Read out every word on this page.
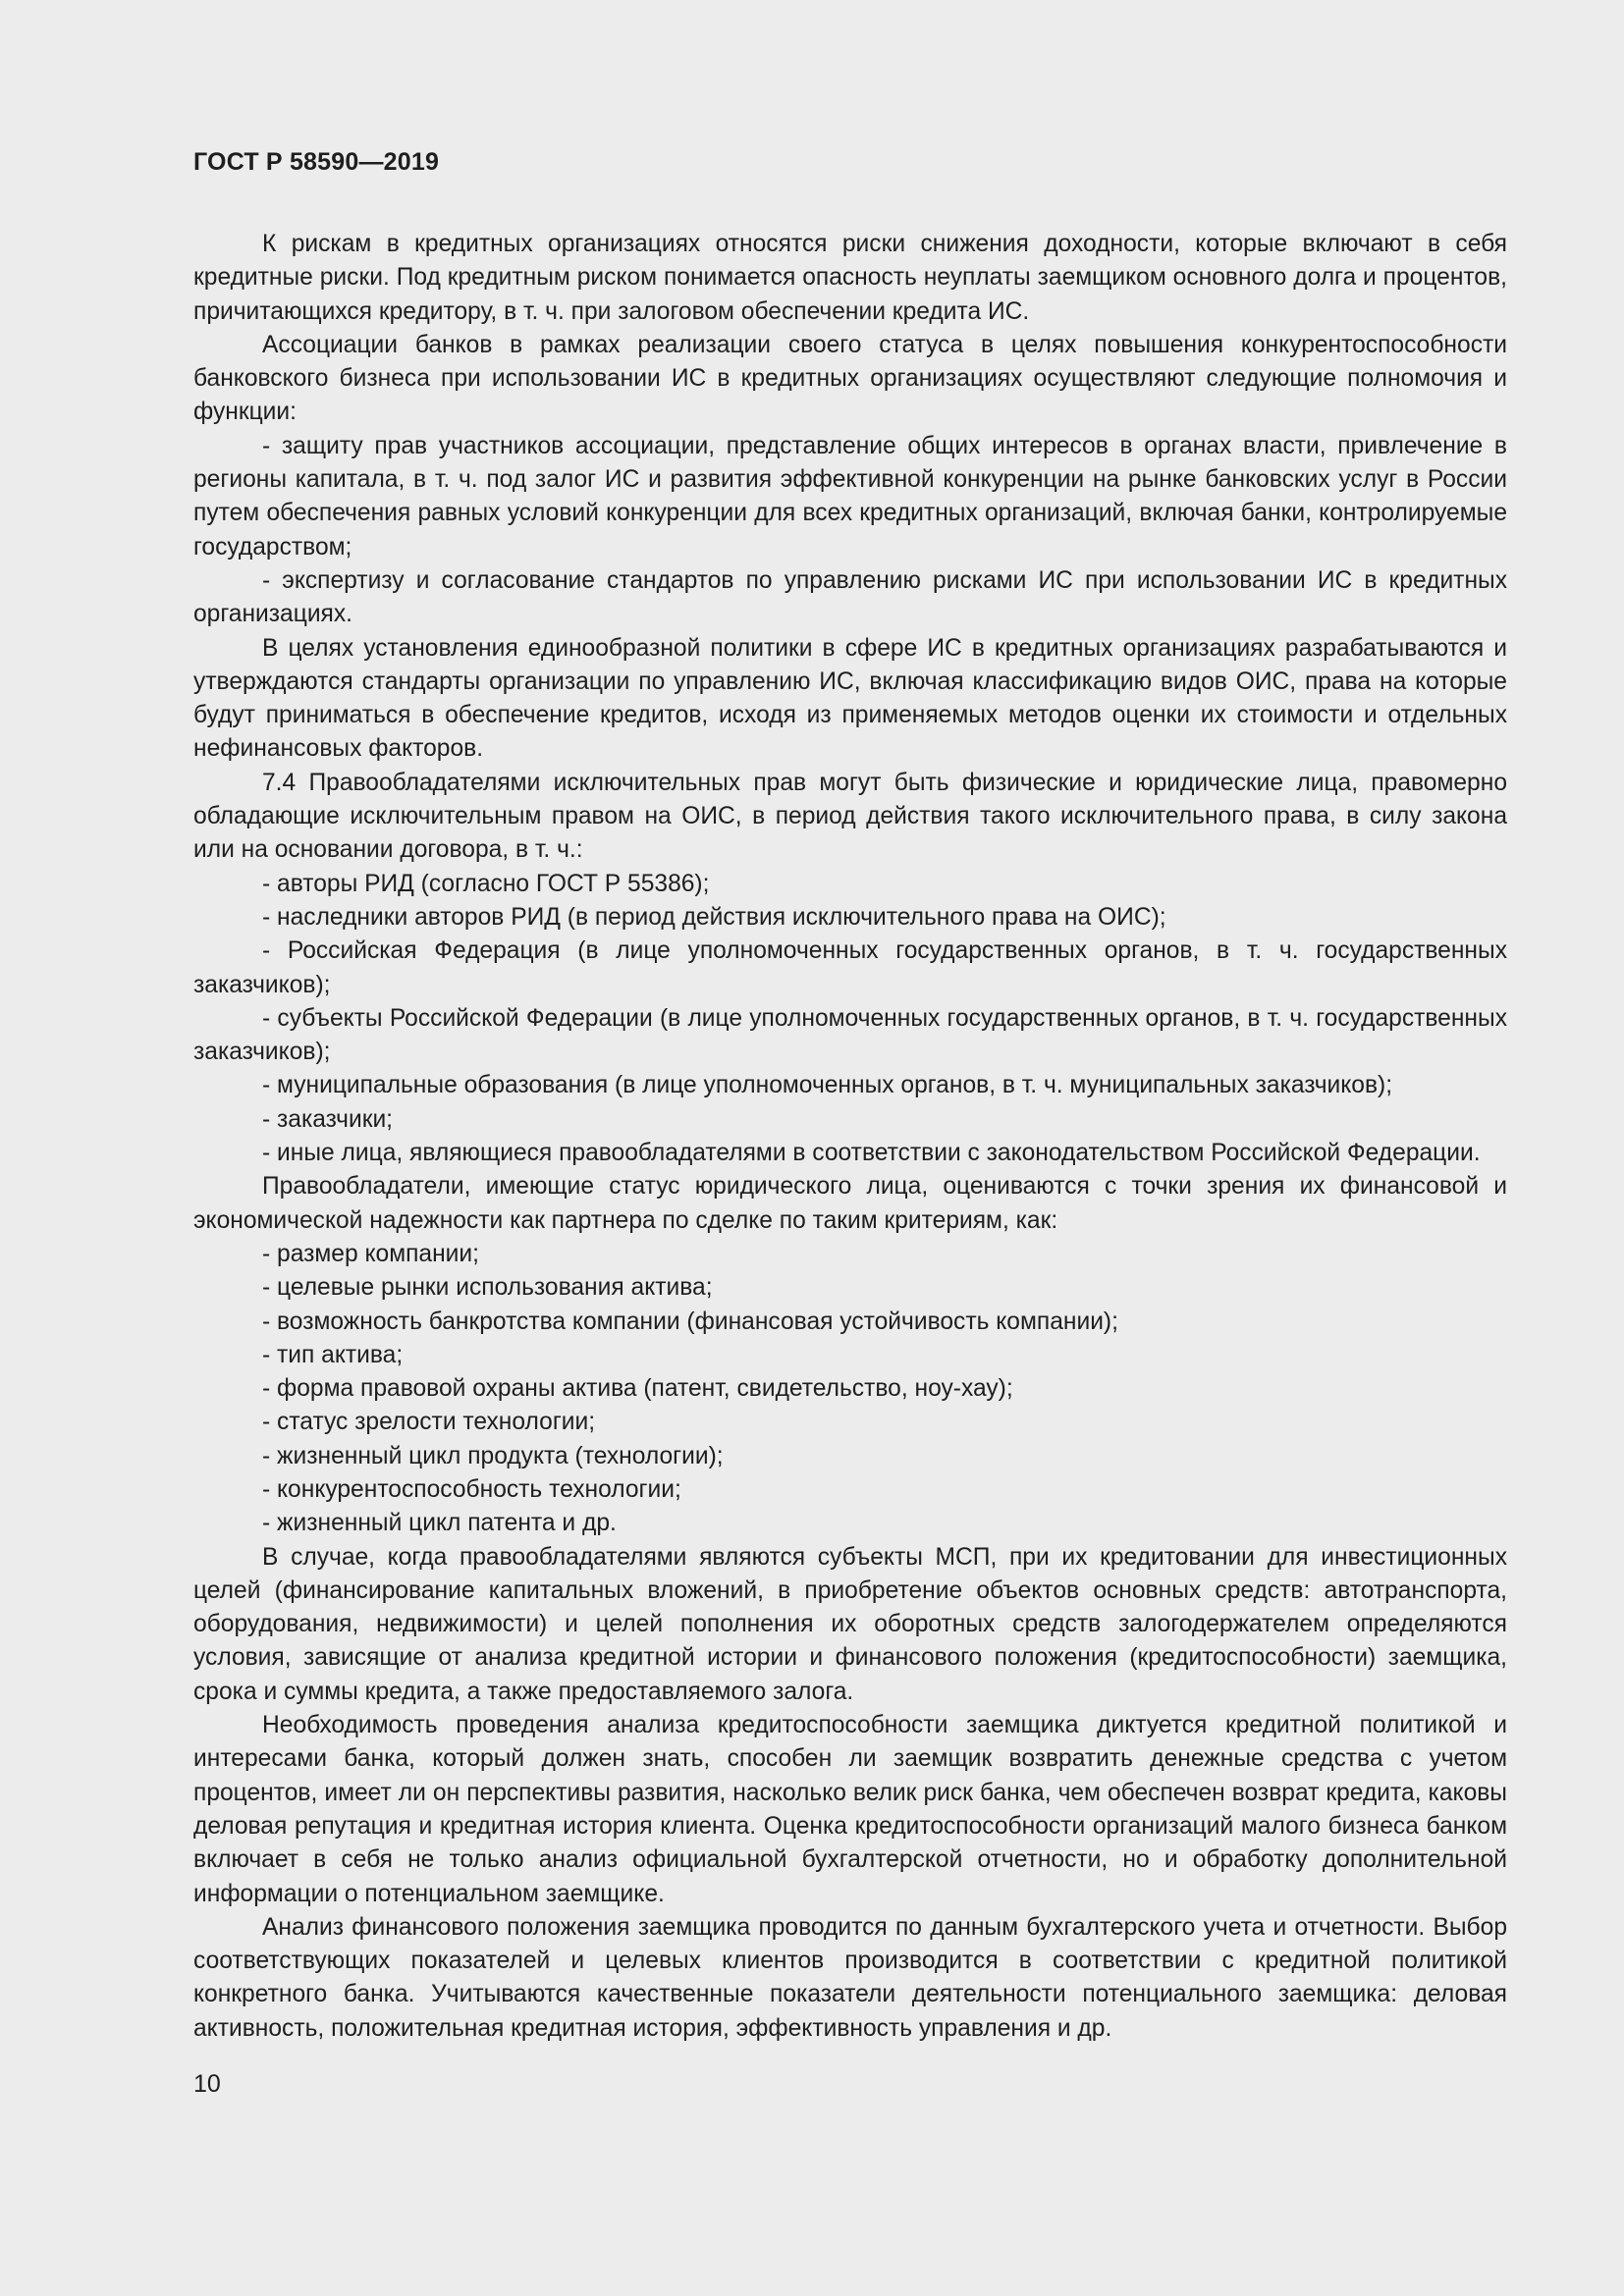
ГОСТ Р 58590—2019

К рискам в кредитных организациях относятся риски снижения доходности, которые включают в себя кредитные риски. Под кредитным риском понимается опасность неуплаты заемщиком основного долга и процентов, причитающихся кредитору, в т. ч. при залоговом обеспечении кредита ИС.

Ассоциации банков в рамках реализации своего статуса в целях повышения конкурентоспособности банковского бизнеса при использовании ИС в кредитных организациях осуществляют следующие полномочия и функции:

- защиту прав участников ассоциации, представление общих интересов в органах власти, привлечение в регионы капитала, в т. ч. под залог ИС и развития эффективной конкуренции на рынке банковских услуг в России путем обеспечения равных условий конкуренции для всех кредитных организаций, включая банки, контролируемые государством;

- экспертизу и согласование стандартов по управлению рисками ИС при использовании ИС в кредитных организациях.

В целях установления единообразной политики в сфере ИС в кредитных организациях разрабатываются и утверждаются стандарты организации по управлению ИС, включая классификацию видов ОИС, права на которые будут приниматься в обеспечение кредитов, исходя из применяемых методов оценки их стоимости и отдельных нефинансовых факторов.

7.4 Правообладателями исключительных прав могут быть физические и юридические лица, правомерно обладающие исключительным правом на ОИС, в период действия такого исключительного права, в силу закона или на основании договора, в т. ч.:

- авторы РИД (согласно ГОСТ Р 55386);

- наследники авторов РИД (в период действия исключительного права на ОИС);

- Российская Федерация (в лице уполномоченных государственных органов, в т. ч. государственных заказчиков);

- субъекты Российской Федерации (в лице уполномоченных государственных органов, в т. ч. государственных заказчиков);

- муниципальные образования (в лице уполномоченных органов, в т. ч. муниципальных заказчиков);

- заказчики;

- иные лица, являющиеся правообладателями в соответствии с законодательством Российской Федерации.

Правообладатели, имеющие статус юридического лица, оцениваются с точки зрения их финансовой и экономической надежности как партнера по сделке по таким критериям, как:

- размер компании;

- целевые рынки использования актива;

- возможность банкротства компании (финансовая устойчивость компании);

- тип актива;

- форма правовой охраны актива (патент, свидетельство, ноу-хау);

- статус зрелости технологии;

- жизненный цикл продукта (технологии);

- конкурентоспособность технологии;

- жизненный цикл патента и др.

В случае, когда правообладателями являются субъекты МСП, при их кредитовании для инвестиционных целей (финансирование капитальных вложений, в приобретение объектов основных средств: автотранспорта, оборудования, недвижимости) и целей пополнения их оборотных средств залогодержателем определяются условия, зависящие от анализа кредитной истории и финансового положения (кредитоспособности) заемщика, срока и суммы кредита, а также предоставляемого залога.

Необходимость проведения анализа кредитоспособности заемщика диктуется кредитной политикой и интересами банка, который должен знать, способен ли заемщик возвратить денежные средства с учетом процентов, имеет ли он перспективы развития, насколько велик риск банка, чем обеспечен возврат кредита, каковы деловая репутация и кредитная история клиента. Оценка кредитоспособности организаций малого бизнеса банком включает в себя не только анализ официальной бухгалтерской отчетности, но и обработку дополнительной информации о потенциальном заемщике.

Анализ финансового положения заемщика проводится по данным бухгалтерского учета и отчетности. Выбор соответствующих показателей и целевых клиентов производится в соответствии с кредитной политикой конкретного банка. Учитываются качественные показатели деятельности потенциального заемщика: деловая активность, положительная кредитная история, эффективность управления и др.

10
